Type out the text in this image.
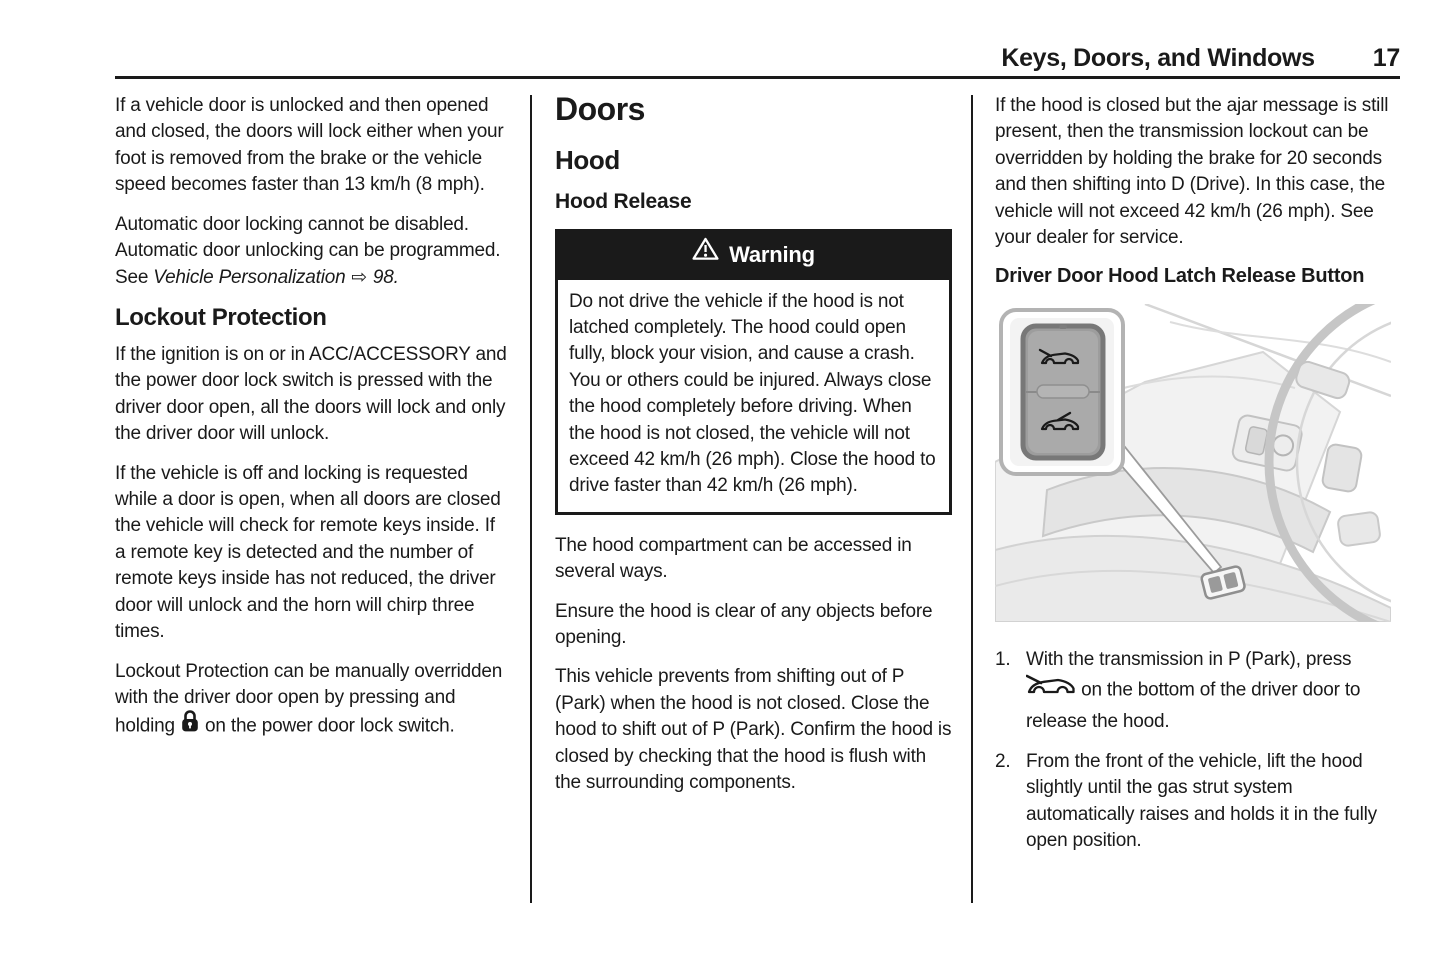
Keys, Doors, and Windows 17

If a vehicle door is unlocked and then opened and closed, the doors will lock either when your foot is removed from the brake or the vehicle speed becomes faster than 13 km/h (8 mph).

Automatic door locking cannot be disabled. Automatic door unlocking can be programmed. See Vehicle Personalization ⇨ 98.

Lockout Protection

If the ignition is on or in ACC/ACCESSORY and the power door lock switch is pressed with the driver door open, all the doors will lock and only the driver door will unlock.

If the vehicle is off and locking is requested while a door is open, when all doors are closed the vehicle will check for remote keys inside. If a remote key is detected and the number of remote keys inside has not reduced, the driver door will unlock and the horn will chirp three times.

Lockout Protection can be manually overridden with the driver door open by pressing and holding  on the power door lock switch.

Doors
Hood
Hood Release
Warning
Do not drive the vehicle if the hood is not latched completely. The hood could open fully, block your vision, and cause a crash. You or others could be injured. Always close the hood completely before driving. When the hood is not closed, the vehicle will not exceed 42 km/h (26 mph). Close the hood to drive faster than 42 km/h (26 mph).

The hood compartment can be accessed in several ways.

Ensure the hood is clear of any objects before opening.

This vehicle prevents from shifting out of P (Park) when the hood is not closed. Close the hood to shift out of P (Park). Confirm the hood is closed by checking that the hood is flush with the surrounding components.

If the hood is closed but the ajar message is still present, then the transmission lockout can be overridden by holding the brake for 20 seconds and then shifting into D (Drive). In this case, the vehicle will not exceed 42 km/h (26 mph). See your dealer for service.

Driver Door Hood Latch Release Button
1. With the transmission in P (Park), press  on the bottom of the driver door to release the hood.
2. From the front of the vehicle, lift the hood slightly until the gas strut system automatically raises and holds it in the fully open position.
